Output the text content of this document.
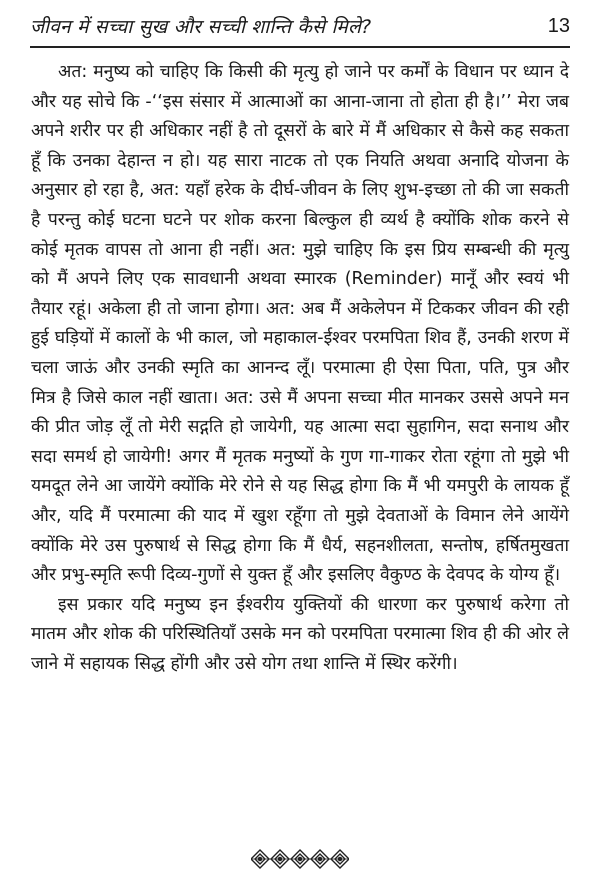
जीवन में सच्चा सुख और सच्ची शान्ति कैसे मिले?	13

अत: मनुष्य को चाहिए कि किसी की मृत्यु हो जाने पर कर्मों के विधान पर ध्यान दे और यह सोचे कि -‘‘इस संसार में आत्माओं का आना-जाना तो होता ही है।’’ मेरा जब अपने शरीर पर ही अधिकार नहीं है तो दूसरों के बारे में मैं अधिकार से कैसे कह सकता हूँ कि उनका देहान्त न हो। यह सारा नाटक तो एक नियति अथवा अनादि योजना के अनुसार हो रहा है, अत: यहाँ हरेक के दीर्घ-जीवन के लिए शुभ-इच्छा तो की जा सकती है परन्तु कोई घटना घटने पर शोक करना बिल्कुल ही व्यर्थ है क्योंकि शोक करने से कोई मृतक वापस तो आना ही नहीं। अत: मुझे चाहिए कि इस प्रिय सम्बन्धी की मृत्यु को मैं अपने लिए एक सावधानी अथवा स्मारक (Reminder) मानूँ और स्वयं भी तैयार रहूं। अकेला ही तो जाना होगा। अत: अब मैं अकेलेपन में टिककर जीवन की रही हुई घड़ियों में कालों के भी काल, जो महाकाल-ईश्वर परमपिता शिव हैं, उनकी शरण में चला जाऊं और उनकी स्मृति का आनन्द लूँ। परमात्मा ही ऐसा पिता, पति, पुत्र और मित्र है जिसे काल नहीं खाता। अत: उसे मैं अपना सच्चा मीत मानकर उससे अपने मन की प्रीत जोड़ लूँ तो मेरी सद्गति हो जायेगी, यह आत्मा सदा सुहागिन, सदा सनाथ और सदा समर्थ हो जायेगी! अगर मैं मृतक मनुष्यों के गुण गा-गाकर रोता रहूंगा तो मुझे भी यमदूत लेने आ जायेंगे क्योंकि मेरे रोने से यह सिद्ध होगा कि मैं भी यमपुरी के लायक हूँ और, यदि मैं परमात्मा की याद में खुश रहूँगा तो मुझे देवताओं के विमान लेने आयेंगे क्योंकि मेरे उस पुरुषार्थ से सिद्ध होगा कि मैं धैर्य, सहनशीलता, सन्तोष, हर्षितमुखता और प्रभु-स्मृति रूपी दिव्य-गुणों से युक्त हूँ और इसलिए वैकुण्ठ के देवपद के योग्य हूँ।

इस प्रकार यदि मनुष्य इन ईश्वरीय युक्तियों की धारणा कर पुरुषार्थ करेगा तो मातम और शोक की परिस्थितियाँ उसके मन को परमपिता परमात्मा शिव ही की ओर ले जाने में सहायक सिद्ध होंगी और उसे योग तथा शान्ति में स्थिर करेंगी।
